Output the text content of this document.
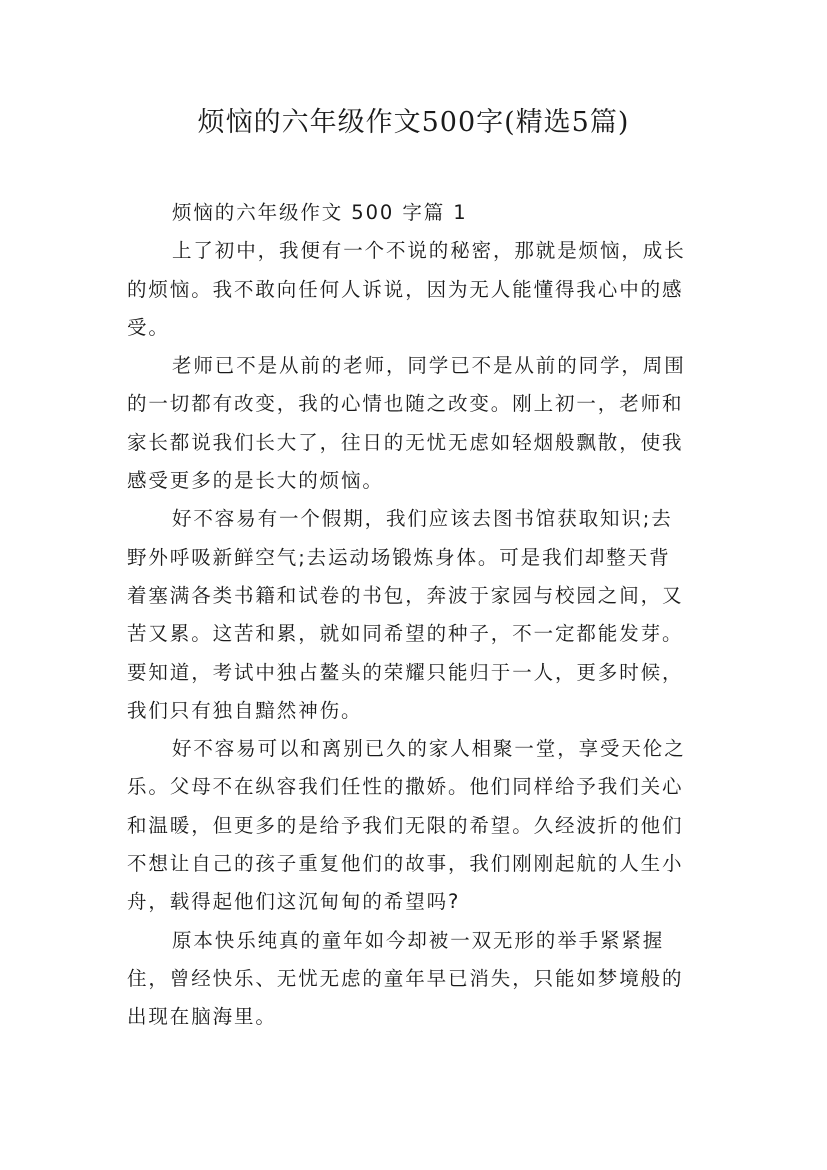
烦恼的六年级作文500字(精选5篇)

烦恼的六年级作文 500 字篇 1

上了初中，我便有一个不说的秘密，那就是烦恼，成长
的烦恼。我不敢向任何人诉说，因为无人能懂得我心中的感
受。
老师已不是从前的老师，同学已不是从前的同学，周围
的一切都有改变，我的心情也随之改变。刚上初一，老师和
家长都说我们长大了，往日的无忧无虑如轻烟般飘散，使我
感受更多的是长大的烦恼。
好不容易有一个假期，我们应该去图书馆获取知识;去
野外呼吸新鲜空气;去运动场锻炼身体。可是我们却整天背
着塞满各类书籍和试卷的书包，奔波于家园与校园之间，又
苦又累。这苦和累，就如同希望的种子，不一定都能发芽。
要知道，考试中独占鳌头的荣耀只能归于一人，更多时候，
我们只有独自黯然神伤。
好不容易可以和离别已久的家人相聚一堂，享受天伦之
乐。父母不在纵容我们任性的撒娇。他们同样给予我们关心
和温暖，但更多的是给予我们无限的希望。久经波折的他们
不想让自己的孩子重复他们的故事，我们刚刚起航的人生小
舟，载得起他们这沉甸甸的希望吗?
原本快乐纯真的童年如今却被一双无形的举手紧紧握
住，曾经快乐、无忧无虑的童年早已消失，只能如梦境般的
出现在脑海里。
